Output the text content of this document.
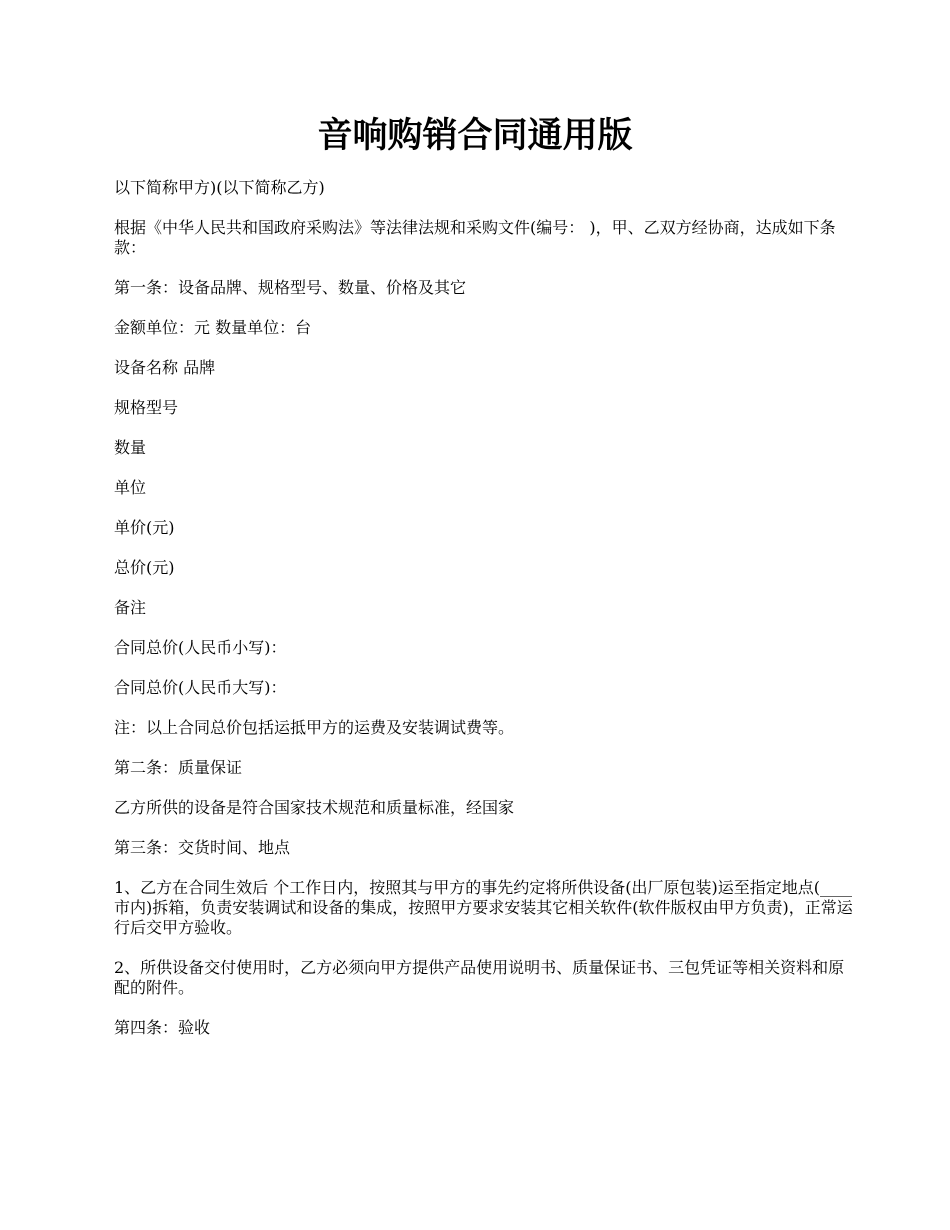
音响购销合同通用版

以下简称甲方)(以下简称乙方)

根据《中华人民共和国政府采购法》等法律法规和采购文件(编号： )，甲、乙双方经协商，达成如下条款：

第一条：设备品牌、规格型号、数量、价格及其它

金额单位：元 数量单位：台

设备名称 品牌

规格型号

数量

单位

单价(元)

总价(元)

备注

合同总价(人民币小写)：

合同总价(人民币大写)：

注：以上合同总价包括运抵甲方的运费及安装调试费等。

第二条：质量保证

乙方所供的设备是符合国家技术规范和质量标准，经国家

第三条：交货时间、地点

1、乙方在合同生效后 个工作日内，按照其与甲方的事先约定将所供设备(出厂原包装)运至指定地点(____市内)拆箱，负责安装调试和设备的集成，按照甲方要求安装其它相关软件(软件版权由甲方负责)，正常运行后交甲方验收。

2、所供设备交付使用时，乙方必须向甲方提供产品使用说明书、质量保证书、三包凭证等相关资料和原配的附件。

第四条：验收
